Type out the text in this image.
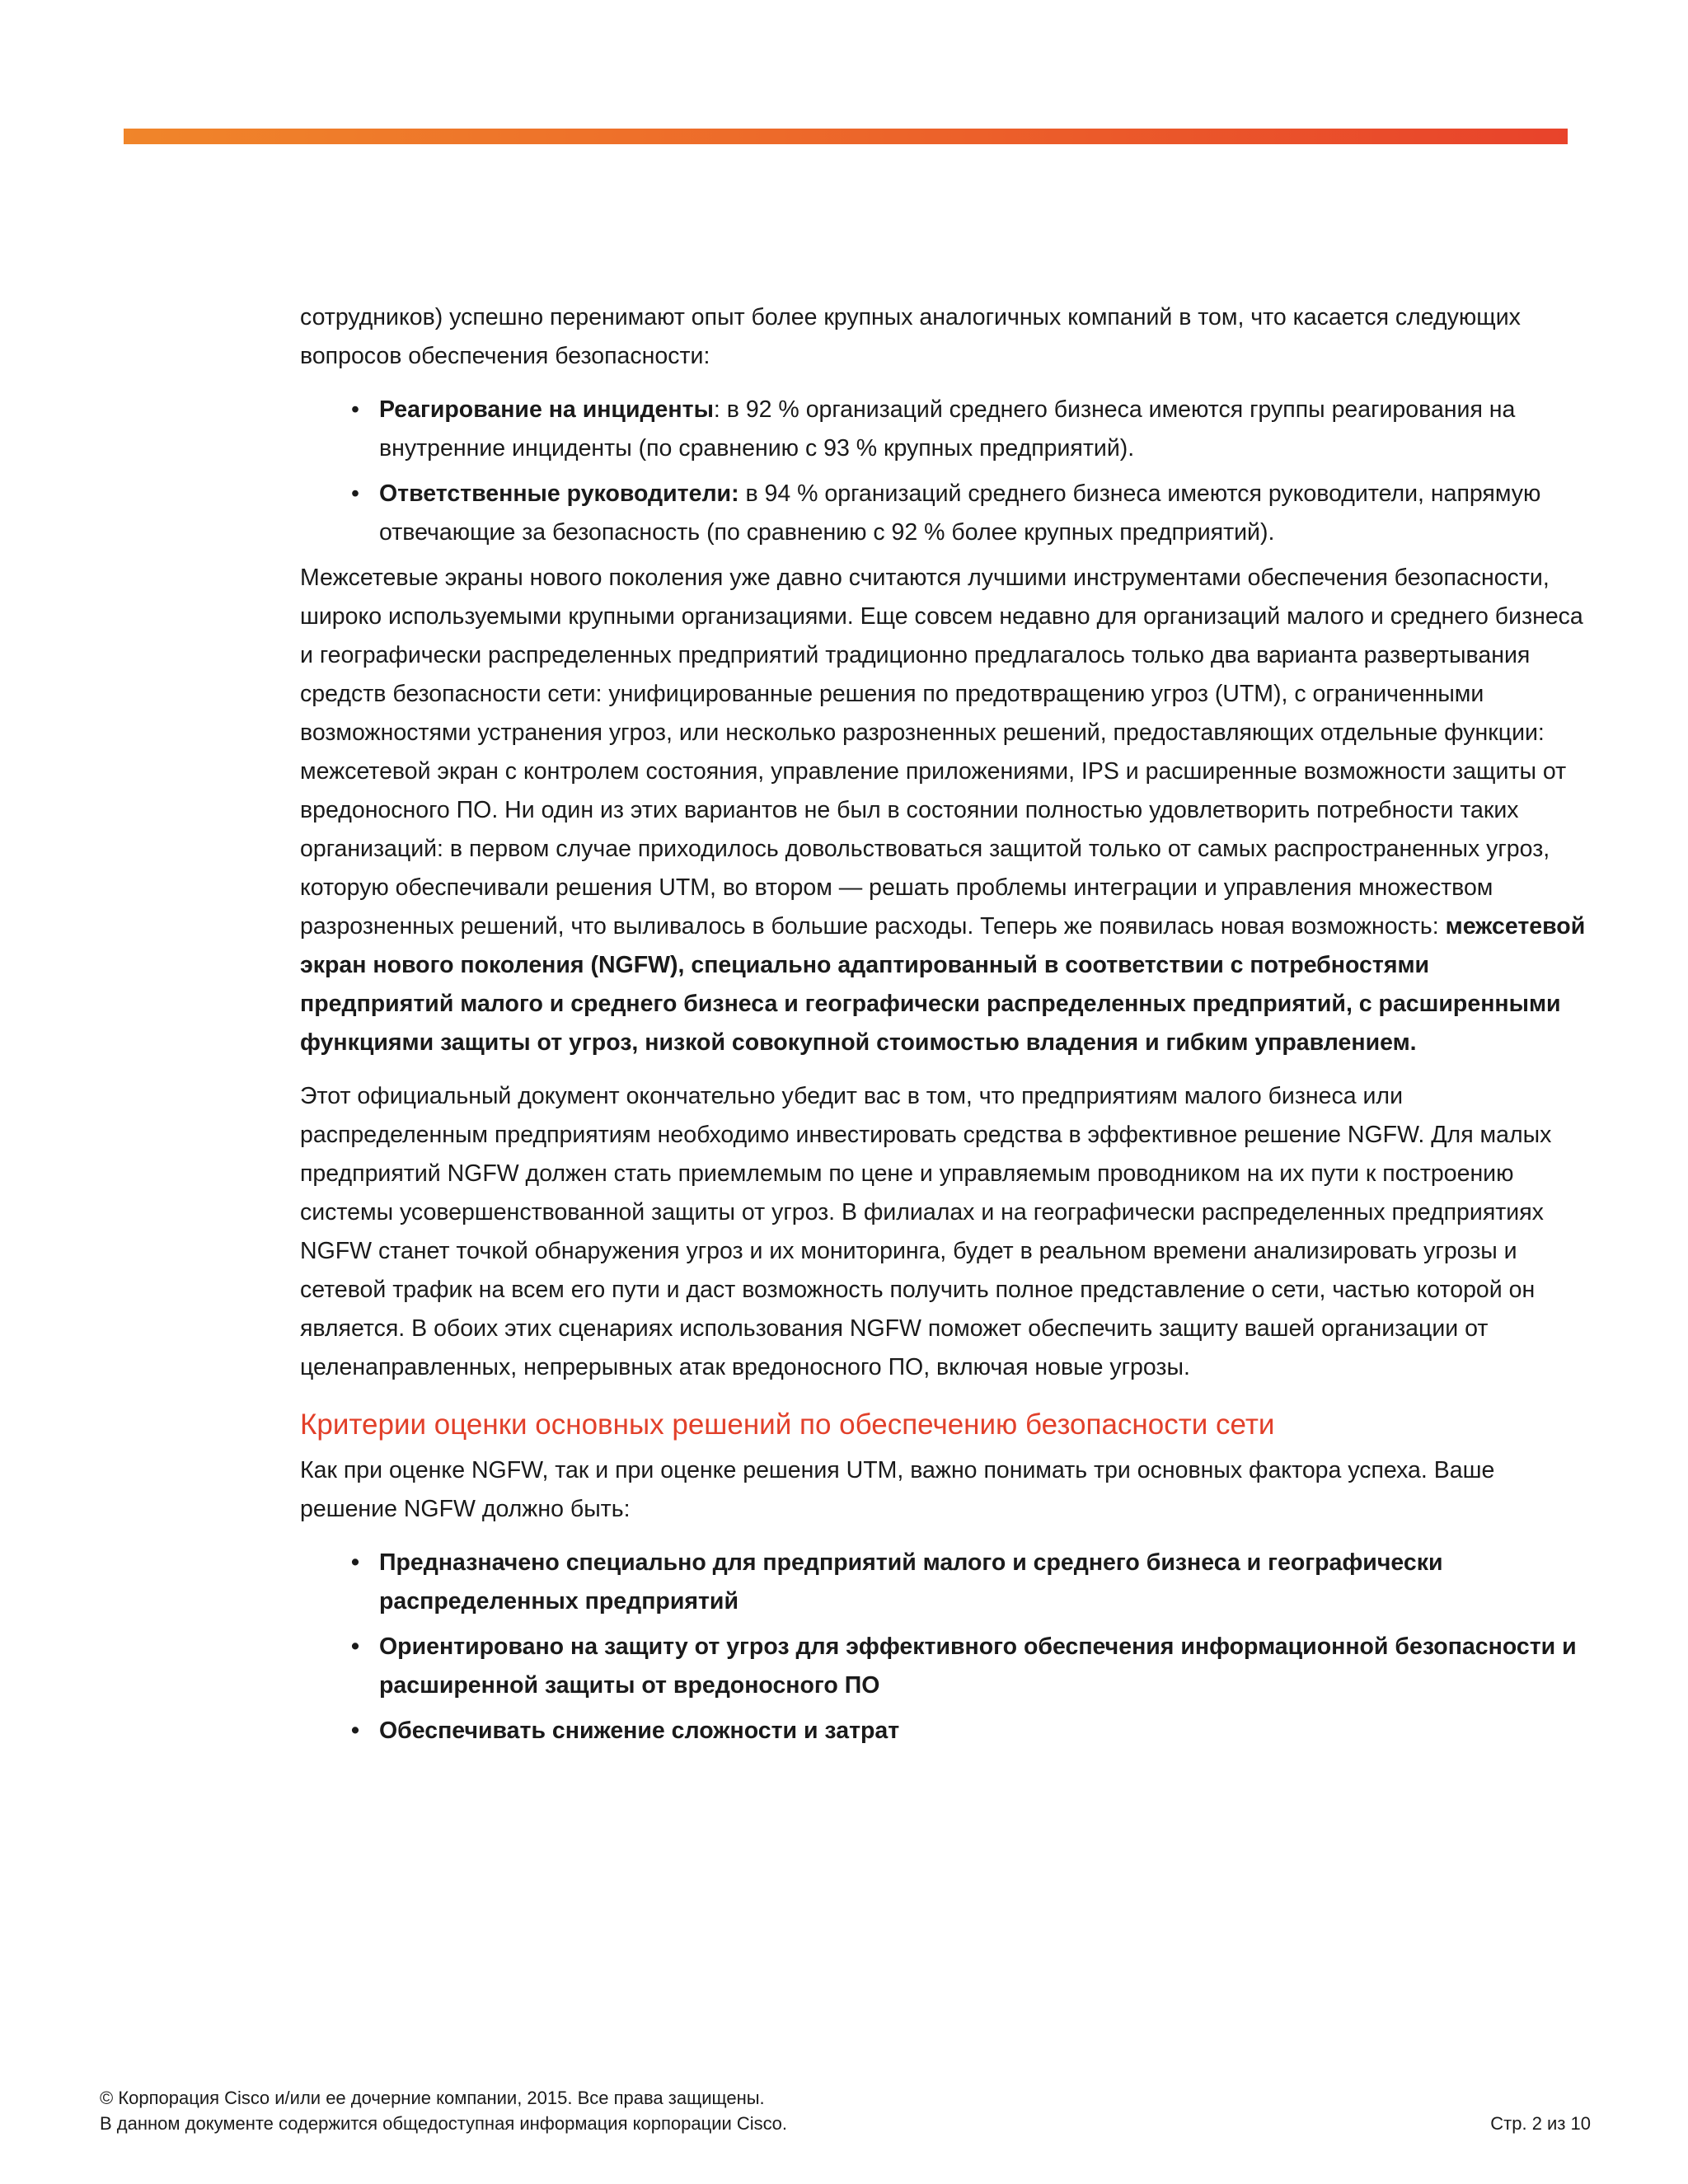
сотрудников) успешно перенимают опыт более крупных аналогичных компаний в том, что касается следующих вопросов обеспечения безопасности:

• Реагирование на инциденты: в 92 % организаций среднего бизнеса имеются группы реагирования на внутренние инциденты (по сравнению с 93 % крупных предприятий).
• Ответственные руководители: в 94 % организаций среднего бизнеса имеются руководители, напрямую отвечающие за безопасность (по сравнению с 92 % более крупных предприятий).

Межсетевые экраны нового поколения уже давно считаются лучшими инструментами обеспечения безопасности, широко используемыми крупными организациями. Еще совсем недавно для организаций малого и среднего бизнеса и географически распределенных предприятий традиционно предлагалось только два варианта развертывания средств безопасности сети: унифицированные решения по предотвращению угроз (UTM), с ограниченными возможностями устранения угроз, или несколько разрозненных решений, предоставляющих отдельные функции: межсетевой экран с контролем состояния, управление приложениями, IPS и расширенные возможности защиты от вредоносного ПО. Ни один из этих вариантов не был в состоянии полностью удовлетворить потребности таких организаций: в первом случае приходилось довольствоваться защитой только от самых распространенных угроз, которую обеспечивали решения UTM, во втором — решать проблемы интеграции и управления множеством разрозненных решений, что выливалось в большие расходы. Теперь же появилась новая возможность: межсетевой экран нового поколения (NGFW), специально адаптированный в соответствии с потребностями предприятий малого и среднего бизнеса и географически распределенных предприятий, с расширенными функциями защиты от угроз, низкой совокупной стоимостью владения и гибким управлением.

Этот официальный документ окончательно убедит вас в том, что предприятиям малого бизнеса или распределенным предприятиям необходимо инвестировать средства в эффективное решение NGFW. Для малых предприятий NGFW должен стать приемлемым по цене и управляемым проводником на их пути к построению системы усовершенствованной защиты от угроз. В филиалах и на географически распределенных предприятиях NGFW станет точкой обнаружения угроз и их мониторинга, будет в реальном времени анализировать угрозы и сетевой трафик на всем его пути и даст возможность получить полное представление о сети, частью которой он является. В обоих этих сценариях использования NGFW поможет обеспечить защиту вашей организации от целенаправленных, непрерывных атак вредоносного ПО, включая новые угрозы.

Критерии оценки основных решений по обеспечению безопасности сети

Как при оценке NGFW, так и при оценке решения UTM, важно понимать три основных фактора успеха. Ваше решение NGFW должно быть:

• Предназначено специально для предприятий малого и среднего бизнеса и географически распределенных предприятий
• Ориентировано на защиту от угроз для эффективного обеспечения информационной безопасности и расширенной защиты от вредоносного ПО
• Обеспечивать снижение сложности и затрат
© Корпорация Cisco и/или ее дочерние компании, 2015. Все права защищены.
В данном документе содержится общедоступная информация корпорации Cisco.	Стр. 2 из 10
